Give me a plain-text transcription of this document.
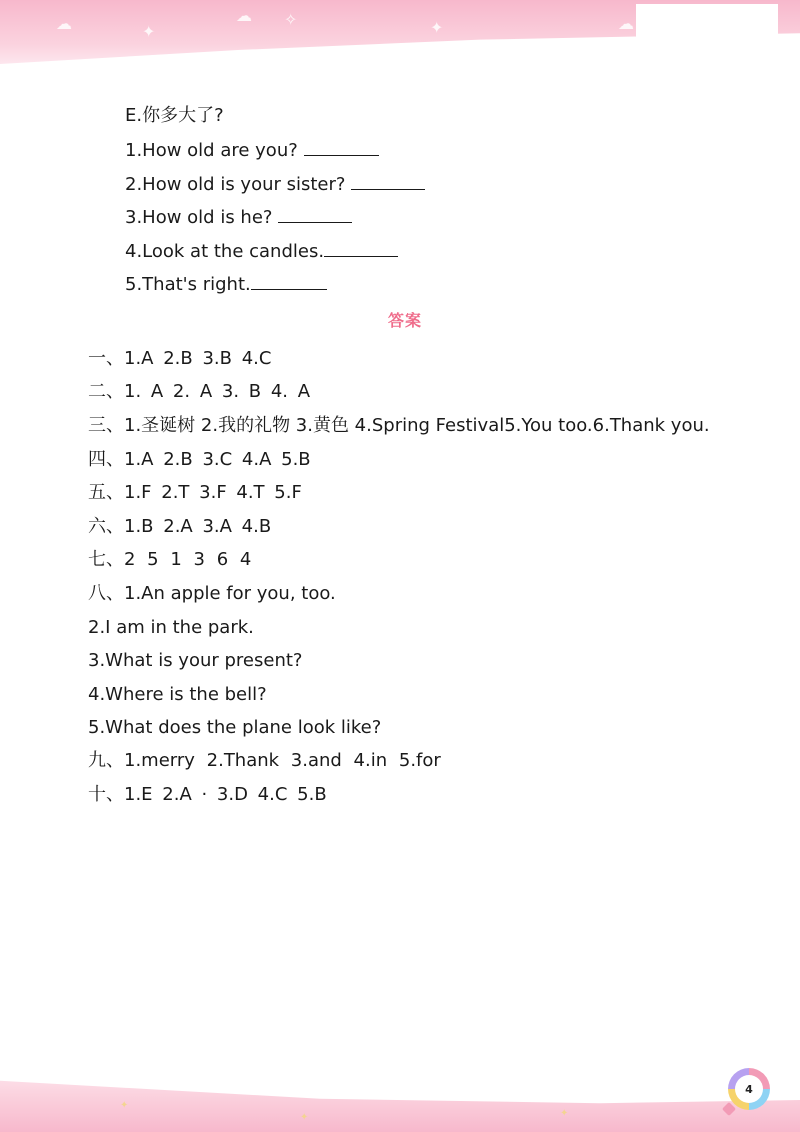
☁	✦
☁ ✧	✦	☁
E.你多大了?
1.How old are you?
2.How old is your sister?
3.How old is he?
4.Look at the candles.
5.That's right.
答案
一、1.A 2.B 3.B 4.C
二、1. A 2. A 3. B 4. A
三、1.圣诞树 2.我的礼物 3.黄色 4.Spring Festival5.You too.6.Thank you.
四、1.A 2.B 3.C 4.A 5.B
五、1.F 2.T 3.F 4.T 5.F
六、1.B 2.A 3.A 4.B
七、2 5 1 3 6 4
八、1.An apple for you, too.
2.I am in the park.
3.What is your present?
4.Where is the bell?
5.What does the plane look like?
九、1.merry 2.Thank 3.and 4.in 5.for
十、1.E 2.A · 3.D 4.C 5.B
✦
✦	✦
4
